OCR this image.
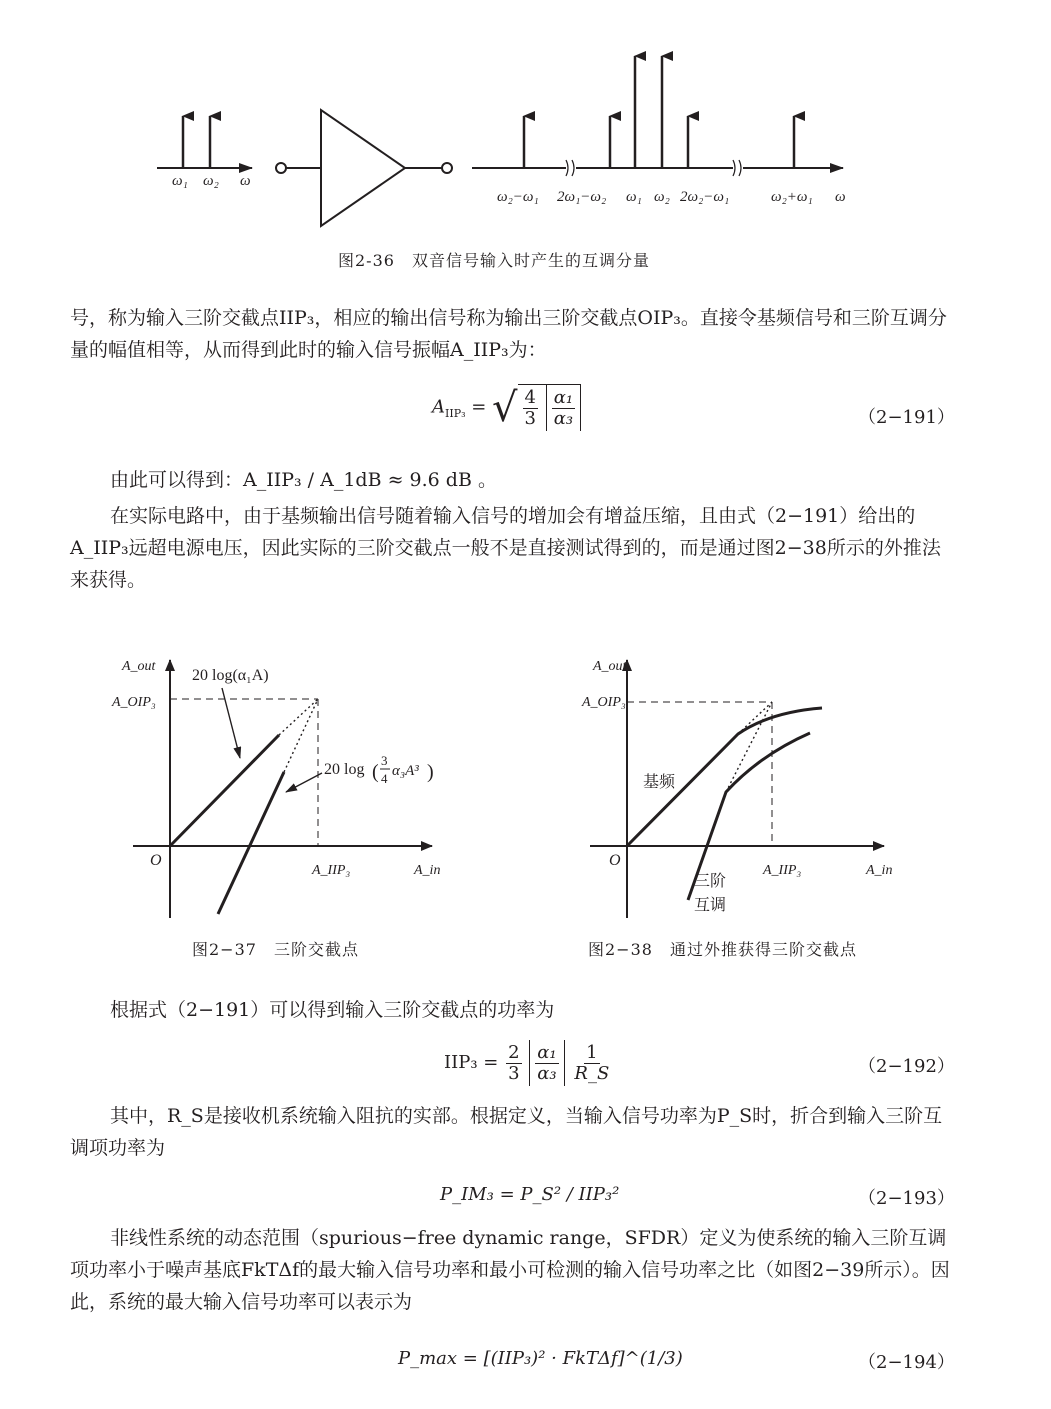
ω₁ ω₂ ω
ω₂−ω₁ 2ω₁−ω₂ ω₁ ω₂ 2ω₂−ω₁	ω₂+ω₁ ω
图2-36　双音信号输入时产生的互调分量
号，称为输入三阶交截点IIP₃，相应的输出信号称为输出三阶交截点OIP₃。直接令基频信号和三阶互调分量的幅值相等，从而得到此时的输入信号振幅A_IIP₃为：
$A_{IIP_3}$ = √ $\frac{4}{3}$
$\frac{\text{α₁}}{\text{α₃}}$	（2−191）
由此可以得到：A_IIP₃ / A_1dB ≈ 9.6 dB 。
在实际电路中，由于基频输出信号随着输入信号的增加会有增益压缩，且由式（2−191）给出的A_IIP₃远超电源电压，因此实际的三阶交截点一般不是直接测试得到的，而是通过图2−38所示的外推法来获得。
A_out
A_OIP₃
O
A_IIP₃	A_in
20 log(α₁A)
20 log (
3
4 α₃A³ )
图2−37　三阶交截点
A_out
A_OIP₃
O
A_IIP₃	A_in
基频
三阶
互调
图2−38　通过外推获得三阶交截点
根据式（2−191）可以得到输入三阶交截点的功率为
$IIP_3 = \frac{2}{3}$
$\frac{\text{α₁}}{\text{α₃}}$
$\frac{1}{R\_S}$	（2−192）
其中，R_S是接收机系统输入阻抗的实部。根据定义，当输入信号功率为P_S时，折合到输入三阶互调项功率为
P_IM₃ = P_S² / IIP₃²	（2−193）
非线性系统的动态范围（spurious−free dynamic range，SFDR）定义为使系统的输入三阶互调项功率小于噪声基底FkTΔf的最大输入信号功率和最小可检测的输入信号功率之比（如图2−39所示）。因此，系统的最大输入信号功率可以表示为
P_max = [(IIP₃)² · FkTΔf]^(1/3)	（2−194）
